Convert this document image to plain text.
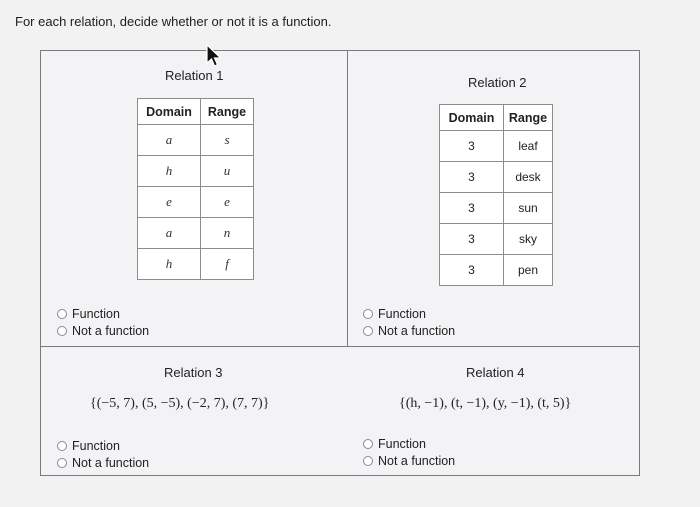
For each relation, decide whether or not it is a function.
Relation 1
Domain	Range
a	s
h	u
e	e
a	n
h	f
Function
Not a function
Relation 2
Domain	Range
3	leaf
3	desk
3	sun
3	sky
3	pen
Function
Not a function
Relation 3
{(−5, 7), (5, −5), (−2, 7), (7, 7)}
Function
Not a function
Relation 4
{(h, −1), (t, −1), (y, −1), (t, 5)}
Function
Not a function
